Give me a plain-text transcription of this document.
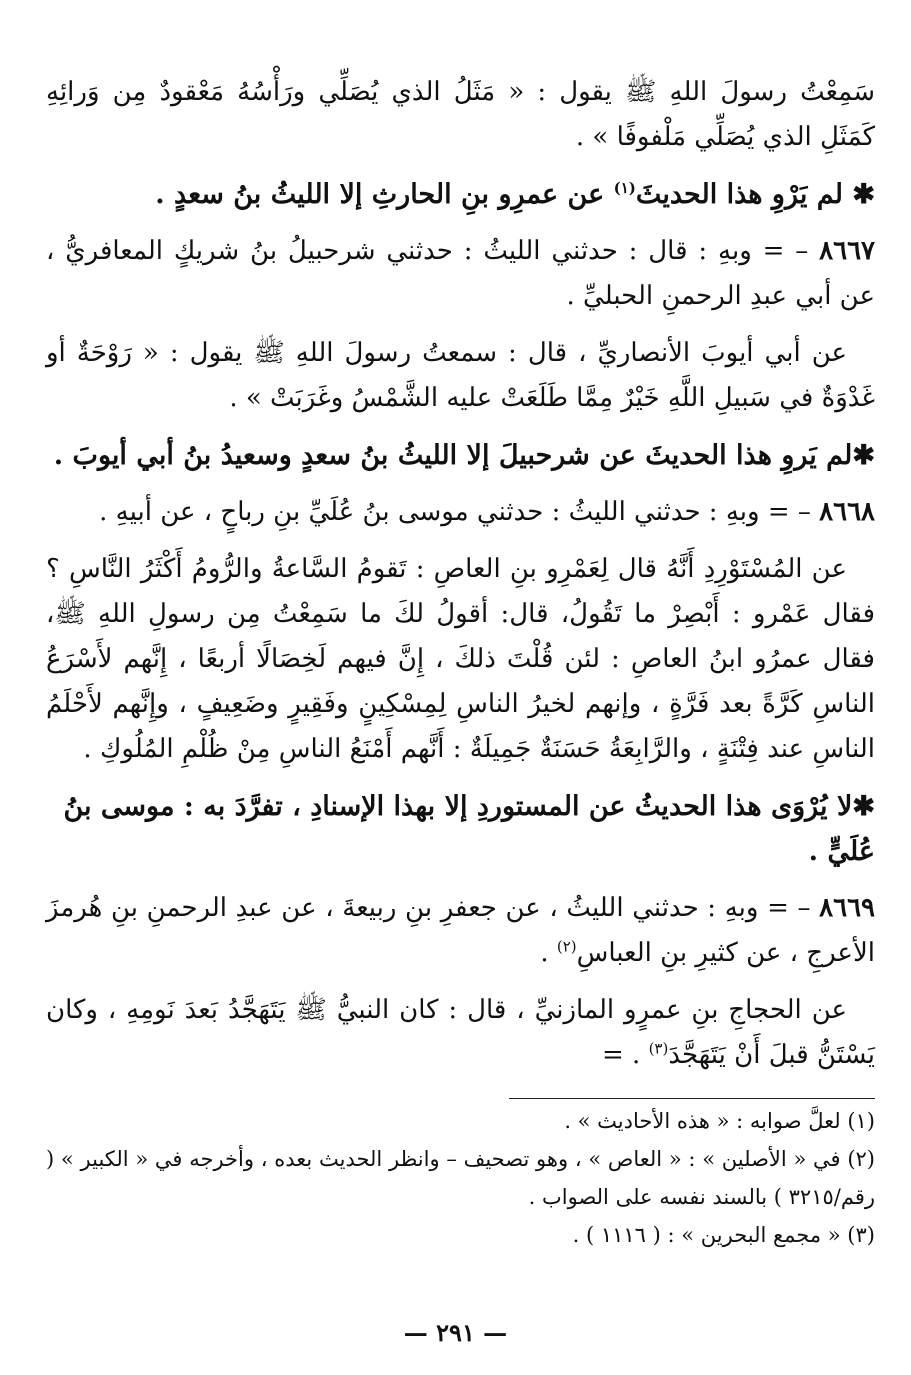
سَمِعْتُ رسولَ اللهِ ﷺ يقول : « مَثَلُ الذي يُصَلِّي ورَأْسُهُ مَعْقودٌ مِن وَرائِهِ كَمَثَلِ الذي يُصَلِّي مَلْفوفًا » .

✱ لم يَرْوِ هذا الحديثَ$^{(١)}$ عن عمرِو بنِ الحارثِ إلا الليثُ بنُ سعدٍ .

٨٦٦٧ – = وبهِ : قال : حدثني الليثُ : حدثني شرحبيلُ بنُ شريكٍ المعافريُّ ، عن أبي عبدِ الرحمنِ الحبليِّ .

عن أبي أيوبَ الأنصاريِّ ، قال : سمعتُ رسولَ اللهِ ﷺ يقول : « رَوْحَةٌ أو غَدْوَةٌ في سَبيلِ اللَّهِ خَيْرٌ مِمَّا طَلَعَتْ عليه الشَّمْسُ وغَرَبَتْ » .

✱لم يَروِ هذا الحديثَ عن شرحبيلَ إلا الليثُ بنُ سعدٍ وسعيدُ بنُ أبي أيوبَ .

٨٦٦٨ – = وبهِ : حدثني الليثُ : حدثني موسى بنُ عُلَيِّ بنِ رباحٍ ، عن أبيهِ .

عن المُسْتَوْرِدِ أَنَّهُ قال لِعَمْرِو بنِ العاصِ : تَقومُ السَّاعةُ والرُّومُ أَكْثَرُ النَّاسِ ؟ فقال عَمْرو : أَبْصِرْ ما تَقُولُ، قال: أقولُ لكَ ما سَمِعْتُ مِن رسولِ اللهِ ﷺ، فقال عمرُو ابنُ العاصِ : لئن قُلْتَ ذلكَ ، إِنَّ فيهم لَخِصَالًا أربعًا ، إِنَّهم لأَسْرَعُ الناسِ كَرَّةً بعد فَرَّةٍ ، وإنهم لخيرُ الناسِ لِمِسْكِينٍ وفَقِيرٍ وضَعِيفٍ ، وإِنَّهم لأَحْلَمُ الناسِ عند فِتْنَةٍ ، والرَّابِعَةُ حَسَنَةٌ جَمِيلَةٌ : أَنَّهم أَمْنَعُ الناسِ مِنْ ظُلْمِ المُلُوكِ .

✱لا يُرْوَى هذا الحديثُ عن المستوردِ إلا بهذا الإسنادِ ، تفرَّدَ به : موسى بنُ عُلَيٍّ .

٨٦٦٩ – = وبهِ : حدثني الليثُ ، عن جعفرِ بنِ ربيعةَ ، عن عبدِ الرحمنِ بنِ هُرمزَ الأعرجِ ، عن كثيرِ بنِ العباسِ$^{(٢)}$ .

عن الحجاجِ بنِ عمرٍو المازنيِّ ، قال : كان النبيُّ ﷺ يَتَهَجَّدُ بَعدَ نَومِهِ ، وكان يَسْتَنُّ قبلَ أَنْ يَتَهَجَّدَ$^{(٣)}$ . =

(١) لعلَّ صوابه : « هذه الأحاديث » .

(٢) في « الأصلين » : « العاص » ، وهو تصحيف – وانظر الحديث بعده ، وأخرجه في « الكبير » ( رقم/٣٢١٥ ) بالسند نفسه على الصواب .

(٣) « مجمع البحرين » : ( ١١١٦ ) .

— ٢٩١ —
